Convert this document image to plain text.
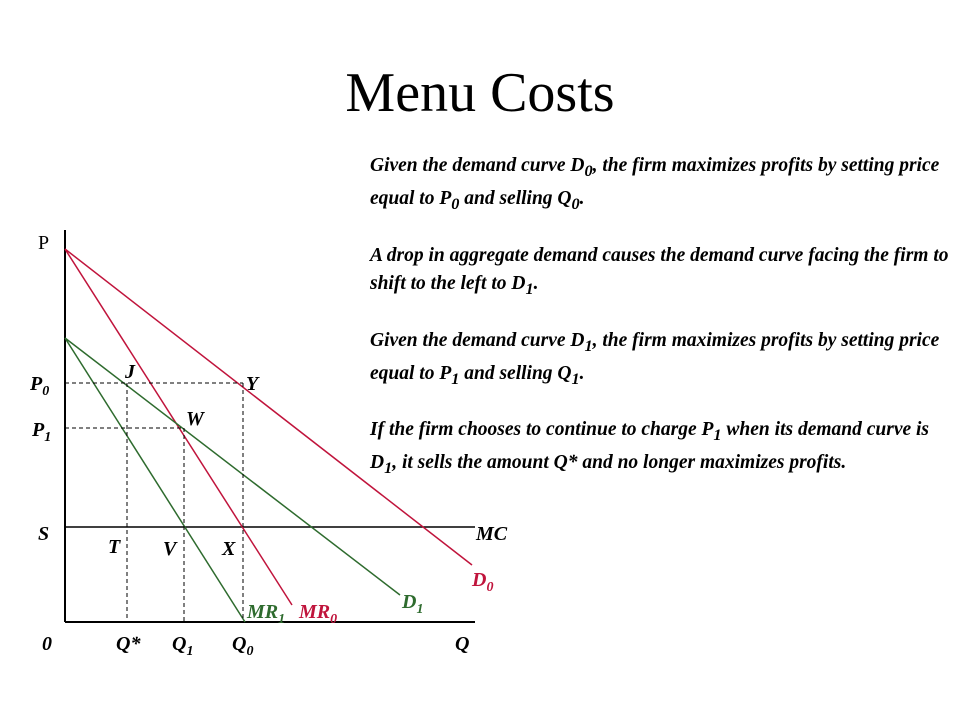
Menu Costs

Given the demand curve $D_0$, the firm maximizes profits by setting price equal to $P_0$ and selling $Q_0$.

A drop in aggregate demand causes the demand curve facing the firm to shift to the left to $D_1$.

Given the demand curve $D_1$, the firm maximizes profits by setting price equal to $P_1$ and selling $Q_1$.

If the firm chooses to continue to charge $P_1$ when its demand curve is $D_1$, it sells the amount Q* and no longer maximizes profits.

P
Q
0
$P_0$
$P_1$
S	MC
J
Y
W
T V X
$D_0$
$D_1$
$MR_1$ $MR_0$
Q* $Q_1$ $Q_0$
